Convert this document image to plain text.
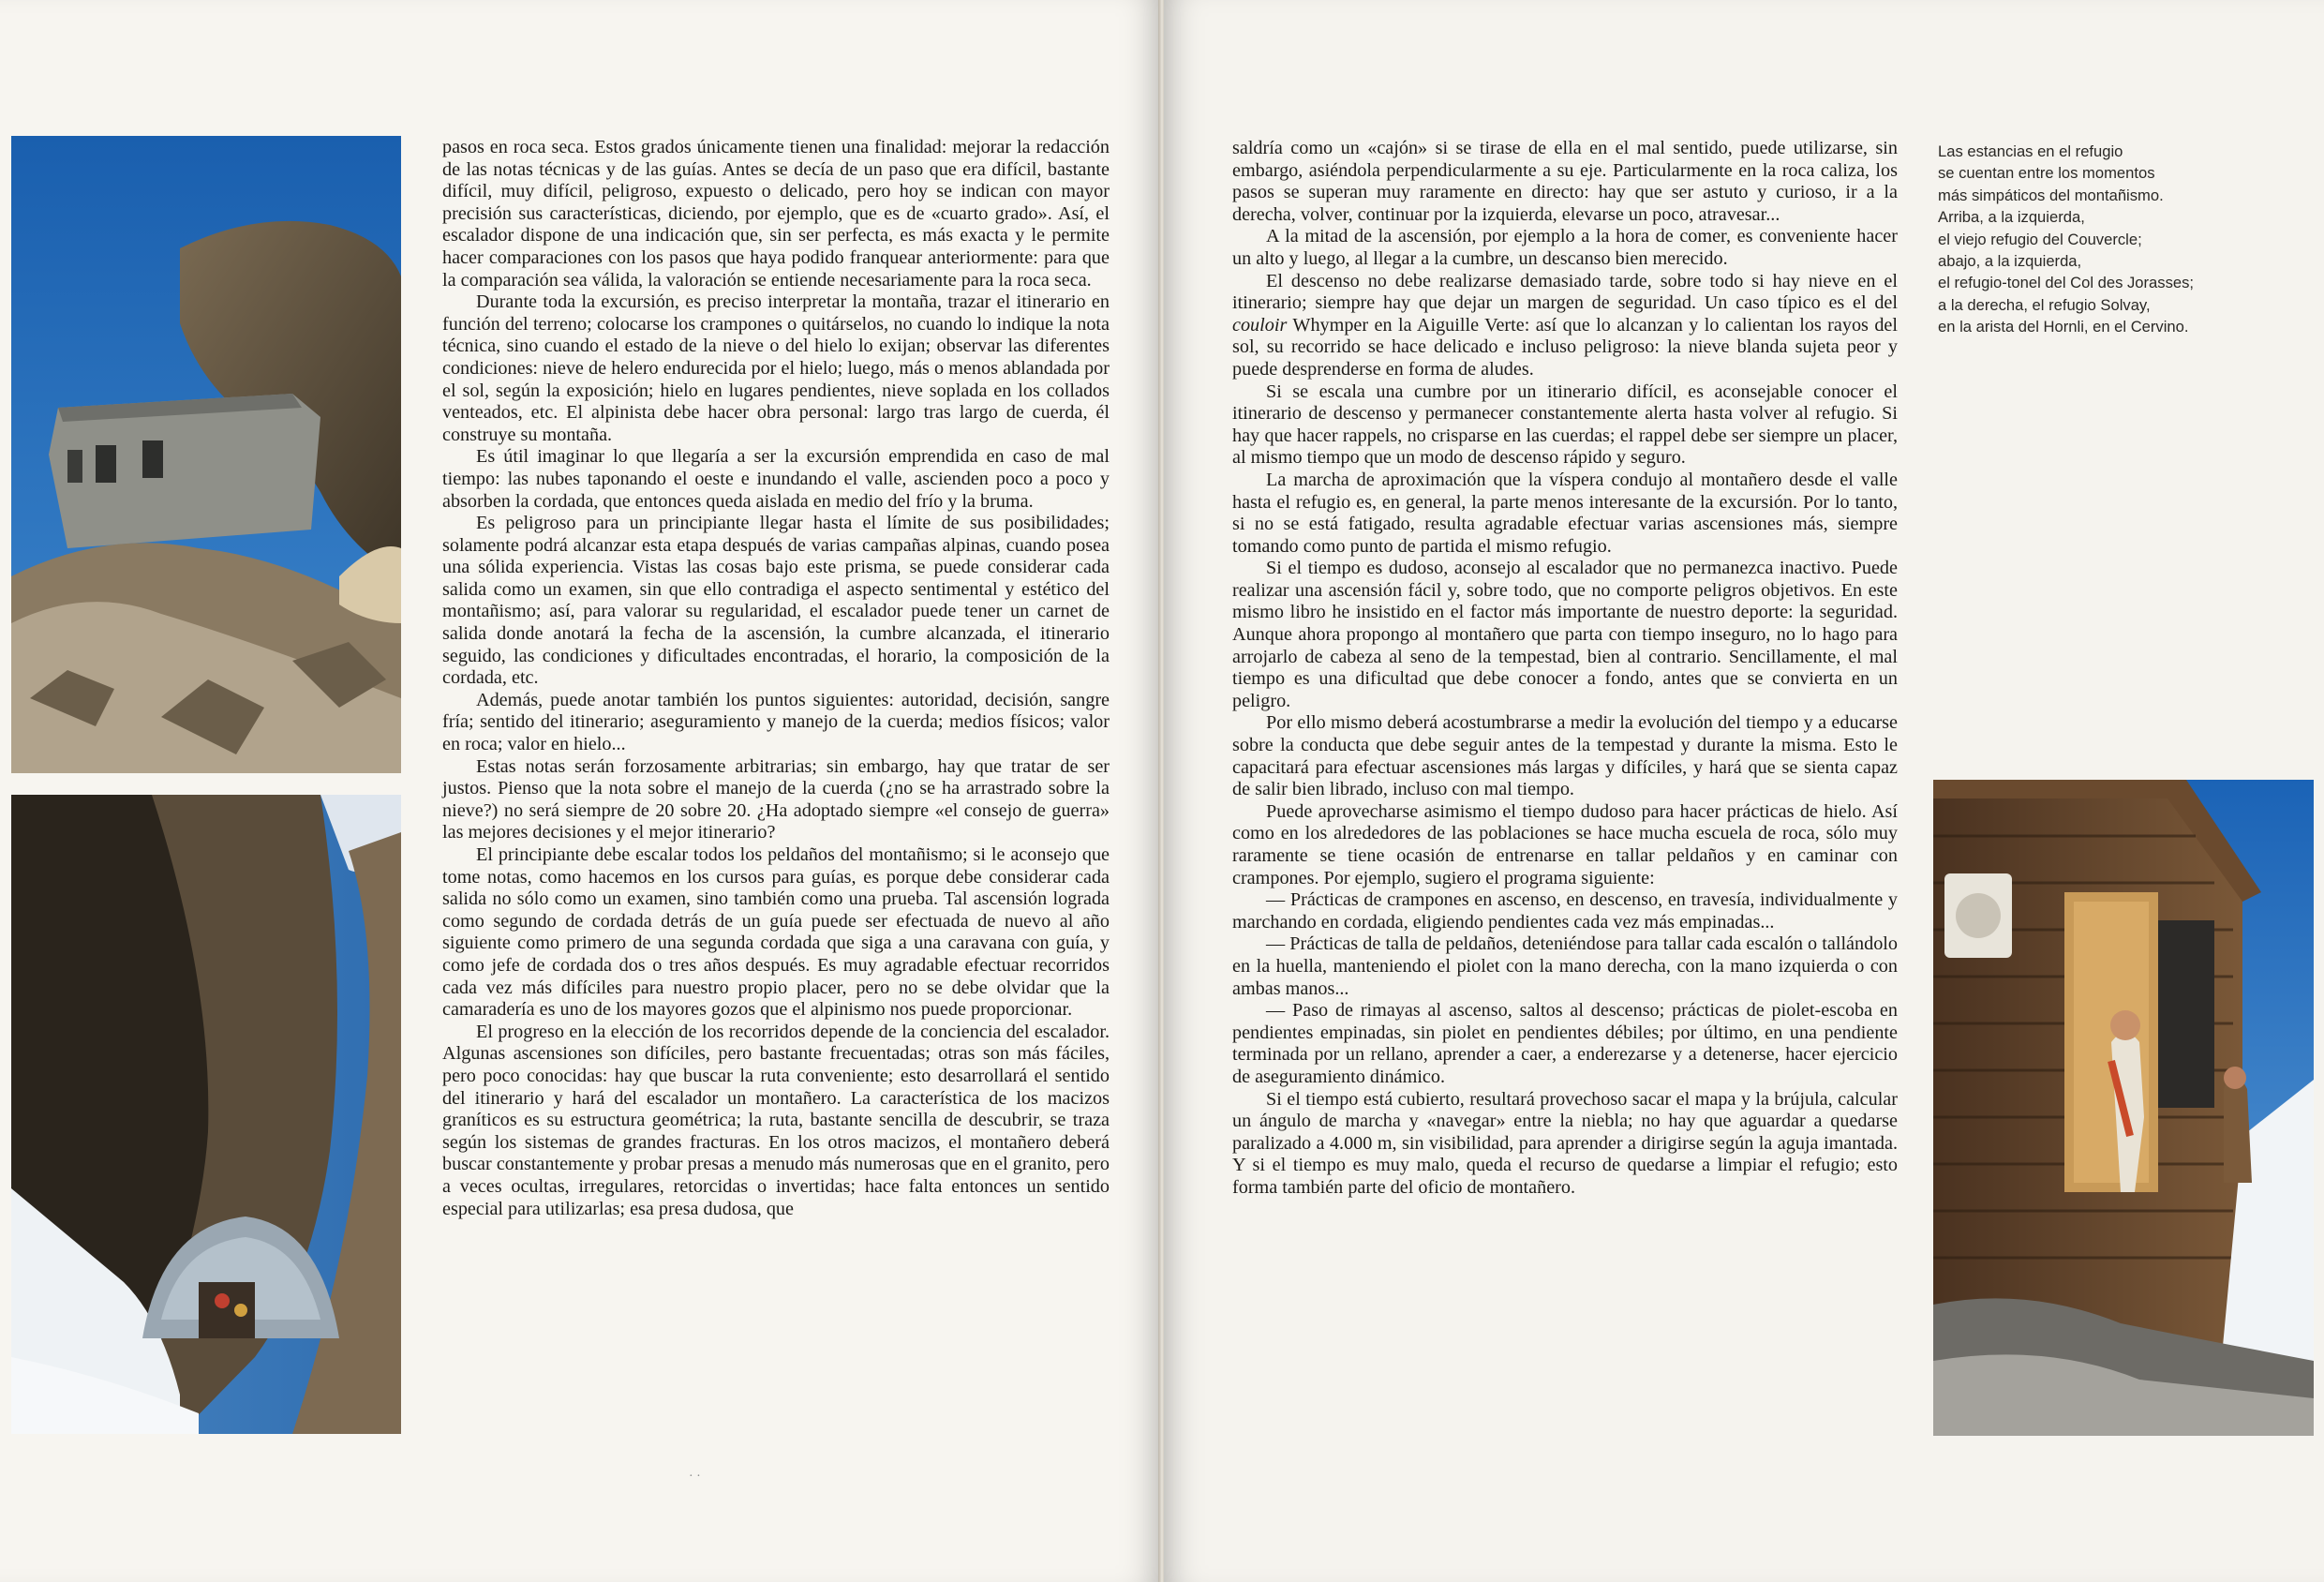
pasos en roca seca. Estos grados únicamente tienen una finalidad: mejorar la redacción de las notas técnicas y de las guías. Antes se decía de un paso que era difícil, bastante difícil, muy difícil, peligroso, expuesto o delicado, pero hoy se indican con mayor precisión sus características, diciendo, por ejemplo, que es de «cuarto grado». Así, el escalador dispone de una indicación que, sin ser perfecta, es más exacta y le permite hacer comparaciones con los pasos que haya podido franquear anteriormente: para que la comparación sea válida, la valoración se entiende necesariamente para la roca seca.

Durante toda la excursión, es preciso interpretar la montaña, trazar el itinerario en función del terreno; colocarse los crampones o quitárselos, no cuando lo indique la nota técnica, sino cuando el estado de la nieve o del hielo lo exijan; observar las diferentes condiciones: nieve de helero endurecida por el hielo; luego, más o menos ablandada por el sol, según la exposición; hielo en lugares pendientes, nieve soplada en los collados venteados, etc. El alpinista debe hacer obra personal: largo tras largo de cuerda, él construye su montaña.

Es útil imaginar lo que llegaría a ser la excursión emprendida en caso de mal tiempo: las nubes taponando el oeste e inundando el valle, ascienden poco a poco y absorben la cordada, que entonces queda aislada en medio del frío y la bruma.

Es peligroso para un principiante llegar hasta el límite de sus posibilidades; solamente podrá alcanzar esta etapa después de varias campañas alpinas, cuando posea una sólida experiencia. Vistas las cosas bajo este prisma, se puede considerar cada salida como un examen, sin que ello contradiga el aspecto sentimental y estético del montañismo; así, para valorar su regularidad, el escalador puede tener un carnet de salida donde anotará la fecha de la ascensión, la cumbre alcanzada, el itinerario seguido, las condiciones y dificultades encontradas, el horario, la composición de la cordada, etc.

Además, puede anotar también los puntos siguientes: autoridad, decisión, sangre fría; sentido del itinerario; aseguramiento y manejo de la cuerda; medios físicos; valor en roca; valor en hielo...

Estas notas serán forzosamente arbitrarias; sin embargo, hay que tratar de ser justos. Pienso que la nota sobre el manejo de la cuerda (¿no se ha arrastrado sobre la nieve?) no será siempre de 20 sobre 20. ¿Ha adoptado siempre «el consejo de guerra» las mejores decisiones y el mejor itinerario?

El principiante debe escalar todos los peldaños del montañismo; si le aconsejo que tome notas, como hacemos en los cursos para guías, es porque debe considerar cada salida no sólo como un examen, sino también como una prueba. Tal ascensión lograda como segundo de cordada detrás de un guía puede ser efectuada de nuevo al año siguiente como primero de una segunda cordada que siga a una caravana con guía, y como jefe de cordada dos o tres años después. Es muy agradable efectuar recorridos cada vez más difíciles para nuestro propio placer, pero no se debe olvidar que la camaradería es uno de los mayores gozos que el alpinismo nos puede proporcionar.

El progreso en la elección de los recorridos depende de la conciencia del escalador. Algunas ascensiones son difíciles, pero bastante frecuentadas; otras son más fáciles, pero poco conocidas: hay que buscar la ruta conveniente; esto desarrollará el sentido del itinerario y hará del escalador un montañero. La característica de los macizos graníticos es su estructura geométrica; la ruta, bastante sencilla de descubrir, se traza según los sistemas de grandes fracturas. En los otros macizos, el montañero deberá buscar constantemente y probar presas a menudo más numerosas que en el granito, pero a veces ocultas, irregulares, retorcidas o invertidas; hace falta entonces un sentido especial para utilizarlas; esa presa dudosa, que

saldría como un «cajón» si se tirase de ella en el mal sentido, puede utilizarse, sin embargo, asiéndola perpendicularmente a su eje. Particularmente en la roca caliza, los pasos se superan muy raramente en directo: hay que ser astuto y curioso, ir a la derecha, volver, continuar por la izquierda, elevarse un poco, atravesar...

A la mitad de la ascensión, por ejemplo a la hora de comer, es conveniente hacer un alto y luego, al llegar a la cumbre, un descanso bien merecido.

El descenso no debe realizarse demasiado tarde, sobre todo si hay nieve en el itinerario; siempre hay que dejar un margen de seguridad. Un caso típico es el del couloir Whymper en la Aiguille Verte: así que lo alcanzan y lo calientan los rayos del sol, su recorrido se hace delicado e incluso peligroso: la nieve blanda sujeta peor y puede desprenderse en forma de aludes.

Si se escala una cumbre por un itinerario difícil, es aconsejable conocer el itinerario de descenso y permanecer constantemente alerta hasta volver al refugio. Si hay que hacer rappels, no crisparse en las cuerdas; el rappel debe ser siempre un placer, al mismo tiempo que un modo de descenso rápido y seguro.

La marcha de aproximación que la víspera condujo al montañero desde el valle hasta el refugio es, en general, la parte menos interesante de la excursión. Por lo tanto, si no se está fatigado, resulta agradable efectuar varias ascensiones más, siempre tomando como punto de partida el mismo refugio.

Si el tiempo es dudoso, aconsejo al escalador que no permanezca inactivo. Puede realizar una ascensión fácil y, sobre todo, que no comporte peligros objetivos. En este mismo libro he insistido en el factor más importante de nuestro deporte: la seguridad. Aunque ahora propongo al montañero que parta con tiempo inseguro, no lo hago para arrojarlo de cabeza al seno de la tempestad, bien al contrario. Sencillamente, el mal tiempo es una dificultad que debe conocer a fondo, antes que se convierta en un peligro.

Por ello mismo deberá acostumbrarse a medir la evolución del tiempo y a educarse sobre la conducta que debe seguir antes de la tempestad y durante la misma. Esto le capacitará para efectuar ascensiones más largas y difíciles, y hará que se sienta capaz de salir bien librado, incluso con mal tiempo.

Puede aprovecharse asimismo el tiempo dudoso para hacer prácticas de hielo. Así como en los alrededores de las poblaciones se hace mucha escuela de roca, sólo muy raramente se tiene ocasión de entrenarse en tallar peldaños y en caminar con crampones. Por ejemplo, sugiero el programa siguiente:

— Prácticas de crampones en ascenso, en descenso, en travesía, individualmente y marchando en cordada, eligiendo pendientes cada vez más empinadas...

— Prácticas de talla de peldaños, deteniéndose para tallar cada escalón o tallándolo en la huella, manteniendo el piolet con la mano derecha, con la mano izquierda o con ambas manos...

— Paso de rimayas al ascenso, saltos al descenso; prácticas de piolet-escoba en pendientes empinadas, sin piolet en pendientes débiles; por último, en una pendiente terminada por un rellano, aprender a caer, a enderezarse y a detenerse, hacer ejercicio de aseguramiento dinámico.

Si el tiempo está cubierto, resultará provechoso sacar el mapa y la brújula, calcular un ángulo de marcha y «navegar» entre la niebla; no hay que aguardar a quedarse paralizado a 4.000 m, sin visibilidad, para aprender a dirigirse según la aguja imantada. Y si el tiempo es muy malo, queda el recurso de quedarse a limpiar el refugio; esto forma también parte del oficio de montañero.

Las estancias en el refugio
se cuentan entre los momentos
más simpáticos del montañismo.
Arriba, a la izquierda,
el viejo refugio del Couvercle;
abajo, a la izquierda,
el refugio-tonel del Col des Jorasses;
a la derecha, el refugio Solvay,
en la arista del Hornli, en el Cervino.
· ·
